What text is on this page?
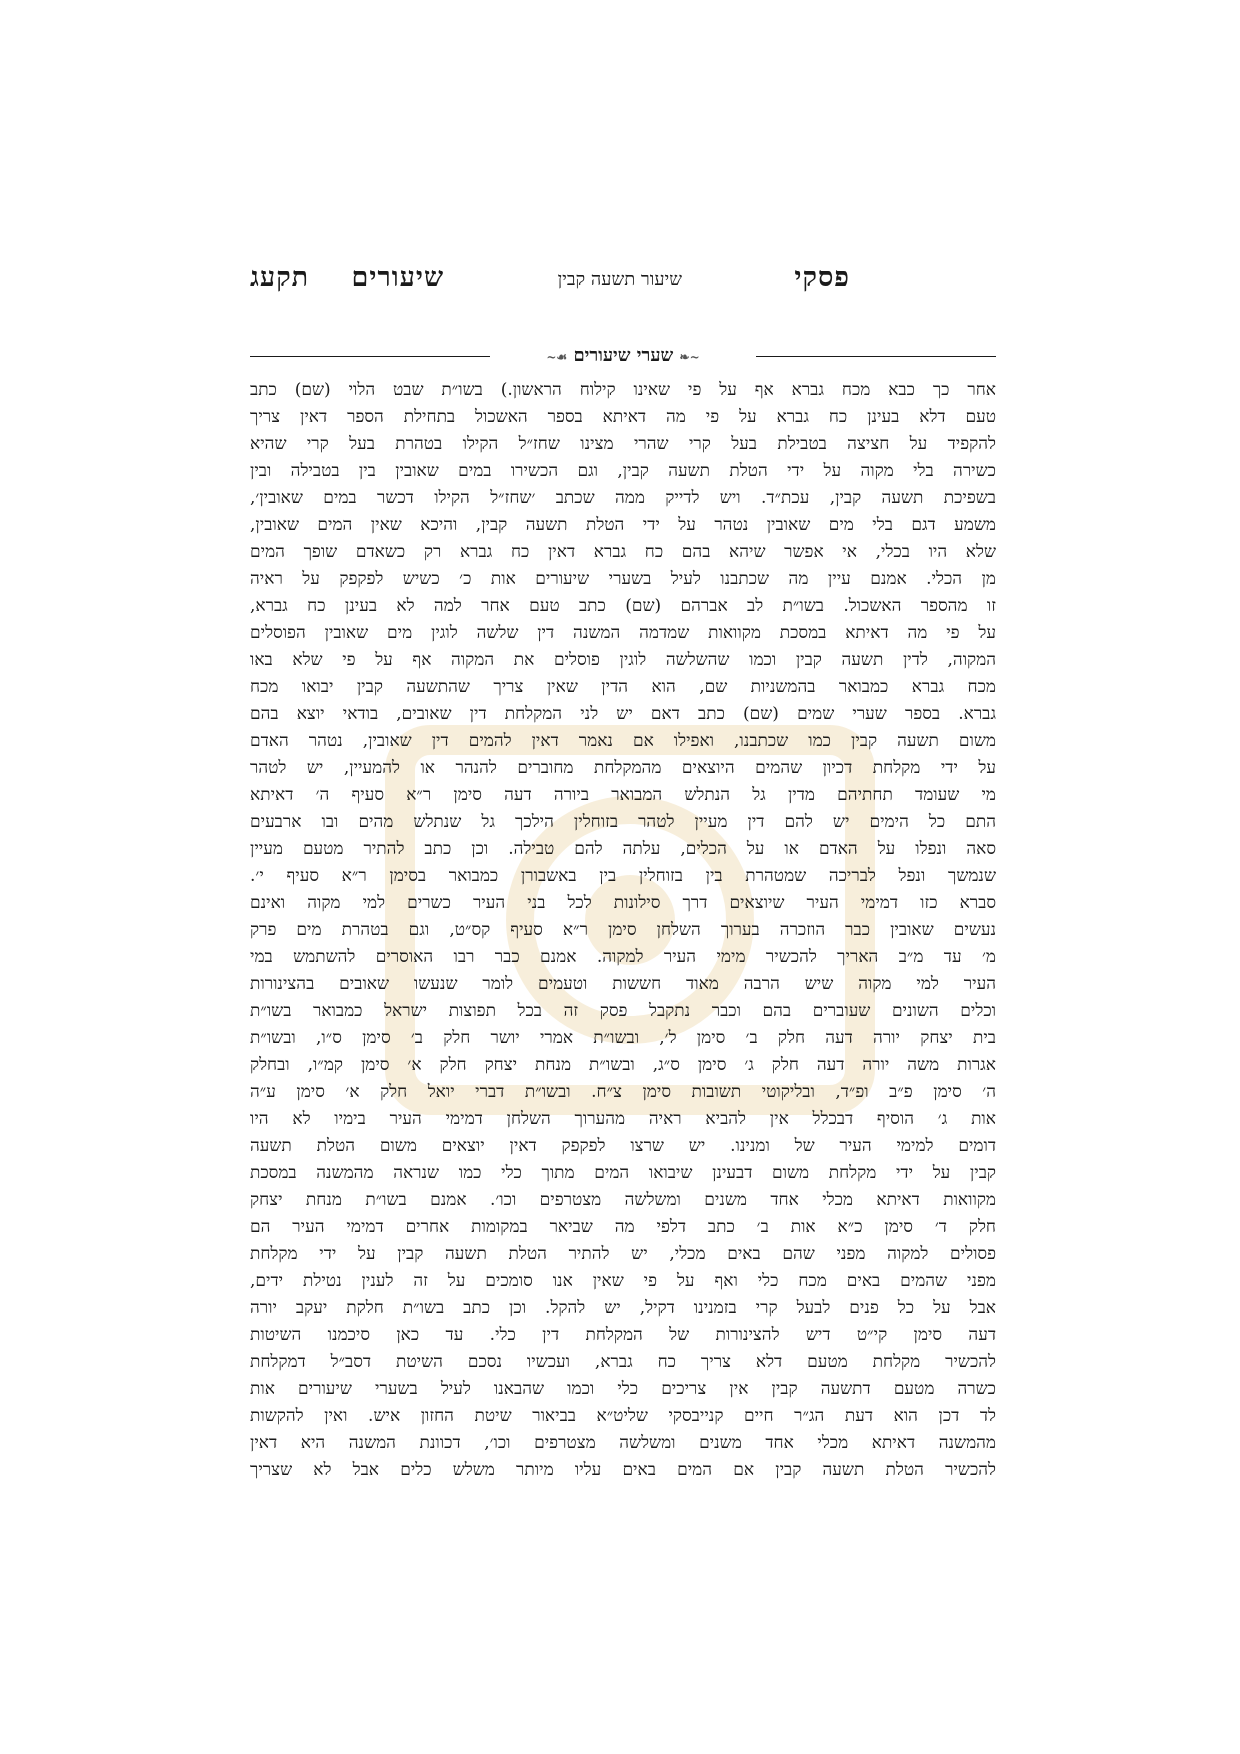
פסקי
שיעור תשעה קבין
שיעורים תקעג
~❧ שערי שיעורים ☙~
אחר כך כבא מכח גברא אף על פי שאינו קילוח הראשון.) בשו״ת שבט הלוי (שם) כתב
טעם דלא בעינן כח גברא על פי מה דאיתא בספר האשכול בתחילת הספר דאין צריך
להקפיד על חציצה בטבילת בעל קרי שהרי מצינו שחז״ל הקילו בטהרת בעל קרי שהיא
כשירה בלי מקוה על ידי הטלת תשעה קבין, וגם הכשירו במים שאובין בין בטבילה ובין
בשפיכת תשעה קבין, עכת״ד. ויש לדייק ממה שכתב ׳שחז״ל הקילו דכשר במים שאובין׳,
משמע דגם בלי מים שאובין נטהר על ידי הטלת תשעה קבין, והיכא שאין המים שאובין,
שלא היו בכלי, אי אפשר שיהא בהם כח גברא דאין כח גברא רק כשאדם שופך המים
מן הכלי. אמנם עיין מה שכתבנו לעיל בשערי שיעורים אות כ׳ כשיש לפקפק על ראיה
זו מהספר האשכול. בשו״ת לב אברהם (שם) כתב טעם אחר למה לא בעינן כח גברא,
על פי מה דאיתא במסכת מקוואות שמדמה המשנה דין שלשה לוגין מים שאובין הפוסלים
המקוה, לדין תשעה קבין וכמו שהשלשה לוגין פוסלים את המקוה אף על פי שלא באו
מכח גברא כמבואר בהמשניות שם, הוא הדין שאין צריך שהתשעה קבין יבואו מכח
גברא. בספר שערי שמים (שם) כתב דאם יש לני המקלחת דין שאובים, בודאי יוצא בהם
משום תשעה קבין כמו שכתבנו, ואפילו אם נאמר דאין להמים דין שאובין, נטהר האדם
על ידי מקלחת דכיון שהמים היוצאים מהמקלחת מחוברים להנהר או להמעיין, יש לטהר
מי שעומד תחתיהם מדין גל הנתלש המבואר ביורה דעה סימן ר״א סעיף ה׳ דאיתא
התם כל הימים יש להם דין מעיין לטהר בזוחלין הילכך גל שנתלש מהים ובו ארבעים
סאה ונפלו על האדם או על הכלים, עלתה להם טבילה. וכן כתב להתיר מטעם מעיין
שנמשך ונפל לבריכה שמטהרת בין בזוחלין בין באשבורן כמבואר בסימן ר״א סעיף י׳.
סברא כזו דמימי העיר שיוצאים דרך סילונות לכל בני העיר כשרים למי מקוה ואינם
נעשים שאובין כבר הוזכרה בערוך השלחן סימן ר״א סעיף קס״ט, וגם בטהרת מים פרק
מ׳ עד מ״ב האריך להכשיר מימי העיר למקוה. אמנם כבר רבו האוסרים להשתמש במי
העיר למי מקוה שיש הרבה מאוד חששות וטעמים לומר שנעשו שאובים בהצינורות
וכלים השונים שעוברים בהם וכבר נתקבל פסק זה בכל תפוצות ישראל כמבואר בשו״ת
בית יצחק יורה דעה חלק ב׳ סימן ל׳, ובשו״ת אמרי יושר חלק ב׳ סימן ס״ו, ובשו״ת
אגרות משה יורה דעה חלק ג׳ סימן ס״ג, ובשו״ת מנחת יצחק חלק א׳ סימן קמ״ו, ובחלק
ה׳ סימן פ״ב ופ״ד, ובליקוטי תשובות סימן צ״ח. ובשו״ת דברי יואל חלק א׳ סימן ע״ה
אות ג׳ הוסיף דבכלל אין להביא ראיה מהערוך השלחן דמימי העיר בימיו לא היו
דומים למימי העיר של ומנינו. יש שרצו לפקפק דאין יוצאים משום הטלת תשעה
קבין על ידי מקלחת משום דבעינן שיבואו המים מתוך כלי כמו שנראה מהמשנה במסכת
מקוואות דאיתא מכלי אחד משנים ומשלשה מצטרפים וכו׳. אמנם בשו״ת מנחת יצחק
חלק ד׳ סימן כ״א אות ב׳ כתב דלפי מה שביאר במקומות אחרים דמימי העיר הם
פסולים למקוה מפני שהם באים מכלי, יש להתיר הטלת תשעה קבין על ידי מקלחת
מפני שהמים באים מכח כלי ואף על פי שאין אנו סומכים על זה לענין נטילת ידים,
אבל על כל פנים לבעל קרי בזמנינו דקיל, יש להקל. וכן כתב בשו״ת חלקת יעקב יורה
דעה סימן קי״ט דיש להצינורות של המקלחת דין כלי. עד כאן סיכמנו השיטות
להכשיר מקלחת מטעם דלא צריך כח גברא, ועכשיו נסכם השיטת דסב״ל דמקלחת
כשרה מטעם דתשעה קבין אין צריכים כלי וכמו שהבאנו לעיל בשערי שיעורים אות
לד דכן הוא דעת הג״ר חיים קנייבסקי שליט״א בביאור שיטת החזון איש. ואין להקשות
מהמשנה דאיתא מכלי אחד משנים ומשלשה מצטרפים וכו׳, דכוונת המשנה היא דאין
להכשיר הטלת תשעה קבין אם המים באים עליו מיותר משלש כלים אבל לא שצריך
